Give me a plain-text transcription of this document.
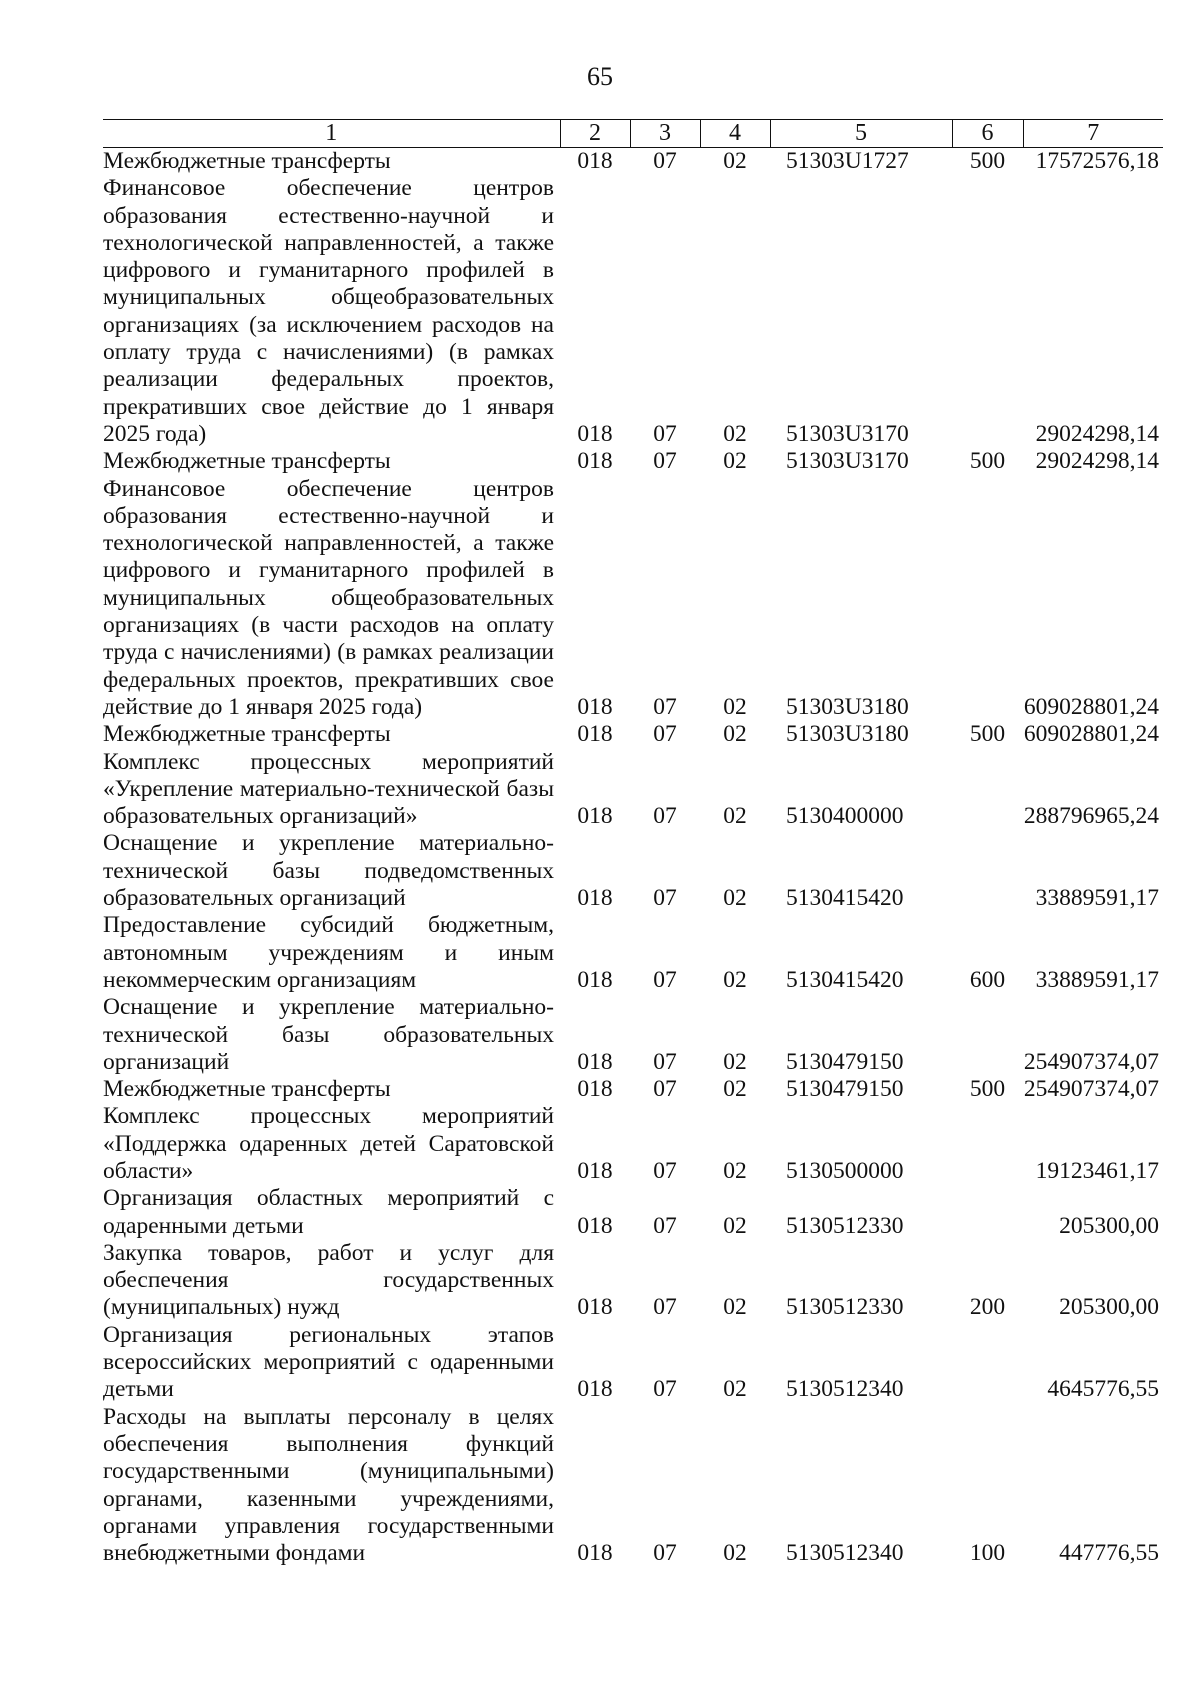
65
1	2	3	4	5	6	7
Межбюджетные трансферты	018	07	02	51303U1727	500	17572576,18
Финансовое обеспечение центров образования естественно-научной и технологической направленностей, а также цифрового и гуманитарного профилей в муниципальных общеобразовательных организациях (за исключением расходов на оплату труда с начислениями) (в рамках реализации федеральных проектов, прекративших свое действие до 1 января 2025 года)	018	07	02	51303U3170		29024298,14
Межбюджетные трансферты	018	07	02	51303U3170	500	29024298,14
Финансовое обеспечение центров образования естественно-научной и технологической направленностей, а также цифрового и гуманитарного профилей в муниципальных общеобразовательных организациях (в части расходов на оплату труда с начислениями) (в рамках реализации федеральных проектов, прекративших свое действие до 1 января 2025 года)	018	07	02	51303U3180		609028801,24
Межбюджетные трансферты	018	07	02	51303U3180	500	609028801,24
Комплекс процессных мероприятий «Укрепление материально-технической базы образовательных организаций»	018	07	02	5130400000		288796965,24
Оснащение и укрепление материально-технической базы подведомственных образовательных организаций	018	07	02	5130415420		33889591,17
Предоставление субсидий бюджетным, автономным учреждениям и иным некоммерческим организациям	018	07	02	5130415420	600	33889591,17
Оснащение и укрепление материально-технической базы образовательных организаций	018	07	02	5130479150		254907374,07
Межбюджетные трансферты	018	07	02	5130479150	500	254907374,07
Комплекс процессных мероприятий «Поддержка одаренных детей Саратовской области»	018	07	02	5130500000		19123461,17
Организация областных мероприятий с одаренными детьми	018	07	02	5130512330		205300,00
Закупка товаров, работ и услуг для обеспечения государственных (муниципальных) нужд	018	07	02	5130512330	200	205300,00
Организация региональных этапов всероссийских мероприятий с одаренными детьми	018	07	02	5130512340		4645776,55
Расходы на выплаты персоналу в целях обеспечения выполнения функций государственными (муниципальными) органами, казенными учреждениями, органами управления государственными внебюджетными фондами	018	07	02	5130512340	100	447776,55
